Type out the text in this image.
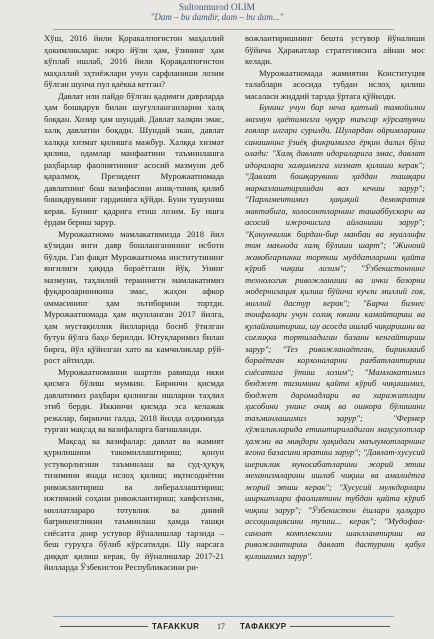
Sultonmurod OLIM
"Dam – bu damdir, dam – bu dam..."

Хўш, 2016 йили Қоракалпоғистон маҳаллий ҳокимликлари: ижро йўли ҳам, ўзининг ҳам кўплаб ишлаб, 2016 йили Қорақалпоғистон маҳаллий эҳтиёжлари учун сарфланиши лозим бўлган шунча пул қаёкка кетган?

Давлат или пайдо бўлган қадимги даврларда ҳам бошқарув билан шуғулланганларни халқ боққан. Хозир ҳам шундай. Давлат халқни эмас, халқ давлатни боқади. Шундай экан, давлат халққа хизмат қилишга мажбур. Халққа хизмат қилиш, одамлар манфаатини таъминлашга раҳбарлар фаолиятининг асосий мазмуни деб қаралмоқ. Президент Мурожаатномада давлатнинг бош вазифасини аниқ-тиниқ қилиб бошқарувнинг гардинига қўйди. Буни тушуниш керак. Бунинг қадрига етиш лозим. Бу ишга ёрдам бериш зарур.

Мурожаатномо мамлакатимизда 2018 йил кўзидан янги давр бошланганининг исботи бўлди. Гап фақат Мурожаатнома институтининг янгилиги ҳақида бораётгани йўқ. Унинг мазмуни, таҳлилий тераннигги мамлакатимиз фуқаролариникина эмас, жаҳон афкор оммасининг ҳам эътиборини тортди. Мурожаатномада ҳам яқунланган 2017 йилга, ҳам мустақиллик йилларида босиб ўтилган бутун йўлга баҳо берилди. Ютуқларимиз билан бирга, йўл қўйилган хато ва камчиликлар рўй-рост айтилди.

Мурожаатноманни шартли равишда икки қисмга бўлиш мумкин. Биринчи қисмда давлатимиз раҳбари қилинган ишларни таҳлил этиб берди. Иккинчи қисмда эса келажак режалар, биринчи галда, 2018 йилда олдимизда турган мақсад ва вазифаларга бағишланди.

Мақсад ва вазифалар: давлат ва жамият қурилишини такомиллаштириш; қонун устуворлигини таъминлаш ва суд-ҳуқуқ тизимини янада ислоҳ қилиш; иқтисодиётни ривожлантириш ва либераллаштириш; ижтимоий соҳани ривожлантириш; хавфсизлик, миллатлараро тотувлик ва диний бағрикенгликни таъминлаш ҳамда ташқи сиёсатга доир устувор йўналишлар тарзида – беш гуруҳга бўлиб кўрсатилди. Шу нарсага диққат қилиш керак, бу йўналишлар 2017-21 йилларда Ўзбекистон Республикасини ри-

вожлантиришнинг бешта устувор йўналиши бўйича Ҳаракатлар стратегиясига айнан мос келади.

Мурожаатномада жамиятни Конституция талаблари асосида тубдан ислоҳ қилиш масаласи жиддий тарзда ўртага қўйилди.

Бунинг учун бир неча қатъий тамойилни мазмун ҳаётимизга чуқур таъсир кўрсатувчи ғоялар илгари сурилди. Шулардан ойримларини санашнинг ўзиёқ фикримизга ёрқин далил бўла олади: "Халқ давлат идораларига эмас, давлат идоралари халқимизга хизмат қилиши керак"; "Давлат бошқарувини ҳаддан ташқари марказлаштиришдан воз кечиш зарур"; "Парламентимиз ҳақиқий демократия мактабига, холосонтларнинг ташаббускори ва асосий ижрочисига айланиши зарур"; "Қонунчилик бирдан-бир манбаи ва муаллифи том маънода халқ бўлиши шарт"; "Жиноий жавобгарликка тортиш муддатларини қайта кўриб чиқиш лозим"; "Ўзбекистоннинг технологик ривожланиши ва ички бозорни модернизация қилиш бўйича кучли миллий гоя, миллий дастур керак"; "Барча бизнес тоифалари учун солиқ юкини камайтириш ва қулайлаштириш, шу асосда ишлаб чиқаришни ва соғлиқка тортиладиган базани кенгайтириш зарур"; "Тез ривожланаётган, бирикмаиб бораётган корхоналарни рағбатлантириш сиёсатига ўтиш лозим"; "Мамлакатимиз бюджет тизимини қайта кўриб чиқишимиз, бюджет даромадлари ва харажатлари ҳисобини унинг очиқ ва ошкора бўлишини таъминлашимиз зарур"; "Фермер хўжаликларида етиштириладиган маҳсулотлар ҳажми ва миқдори ҳақидаги маълумотларнинг ягона базасини яратиш зарур"; "Давлат-хусусий шериклик муносабатларини жорий этиш механизмларини ишлаб чиқиш ва амалиётга жорий этиш керак"; "Хусусий мулкдорлари ширкатлари фаолиятини тубдан қайта кўриб чиқиш зарур"; "Ўзбекистон ёшлари ҳалқаро ассоциациясини тузиш... керак"; "Мудофаа-саноат комплексини шакллантириш ва ривожлантириш давлат дастурини қабул қилишимиз зарур".

TAFAKKUR	17	ТАФАККУР
